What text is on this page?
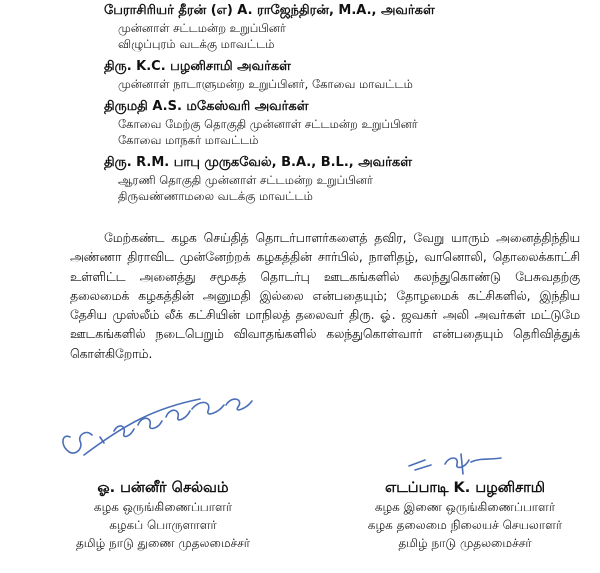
பேராசிரியர் தீரன் (எ) A. ராஜேந்திரன், M.A., அவர்கள்
முன்னாள் சட்டமன்ற உறுப்பினர்
விழுப்புரம் வடக்கு மாவட்டம்
திரு. K.C. பழனிசாமி அவர்கள்
முன்னாள் நாடாளுமன்ற உறுப்பினர், கோவை மாவட்டம்
திருமதி A.S. மகேஸ்வரி அவர்கள்
கோவை மேற்கு தொகுதி முன்னாள் சட்டமன்ற உறுப்பினர்
கோவை மாநகர் மாவட்டம்
திரு. R.M. பாபு முருகவேல், B.A., B.L., அவர்கள்
ஆரணி தொகுதி முன்னாள் சட்டமன்ற உறுப்பினர்
திருவண்ணாமலை வடக்கு மாவட்டம்

மேற்கண்ட கழக செய்தித் தொடர்பாளர்களைத் தவிர, வேறு யாரும் அனைத்திந்திய அண்ணா திராவிட முன்னேற்றக் கழகத்தின் சார்பில், நாளிதழ், வானொலி, தொலைக்காட்சி உள்ளிட்ட அனைத்து சமூகத் தொடர்பு ஊடகங்களில் கலந்துகொண்டு பேசுவதற்கு தலைமைக் கழகத்தின் அனுமதி இல்லை என்பதையும்; தோழமைக் கட்சிகளில், இந்திய தேசிய முஸ்லீம் லீக் கட்சியின் மாநிலத் தலைவர் திரு. ஓ். ஜவகர் அலி அவர்கள் மட்டுமே ஊடகங்களில் நடைபெறும் விவாதங்களில் கலந்துகொள்வார் என்பதையும் தெரிவித்துக் கொள்கிறோம்.

ஓ. பன்னீர் செல்வம்
கழக ஒருங்கிணைப்பாளர்
கழகப் பொருளாளர்
தமிழ் நாடு துணை முதலமைச்சர்
எடப்பாடி K. பழனிசாமி
கழக இணை ஒருங்கிணைப்பாளர்
கழக தலைமை நிலையச் செயலாளர்
தமிழ் நாடு முதலமைச்சர்
